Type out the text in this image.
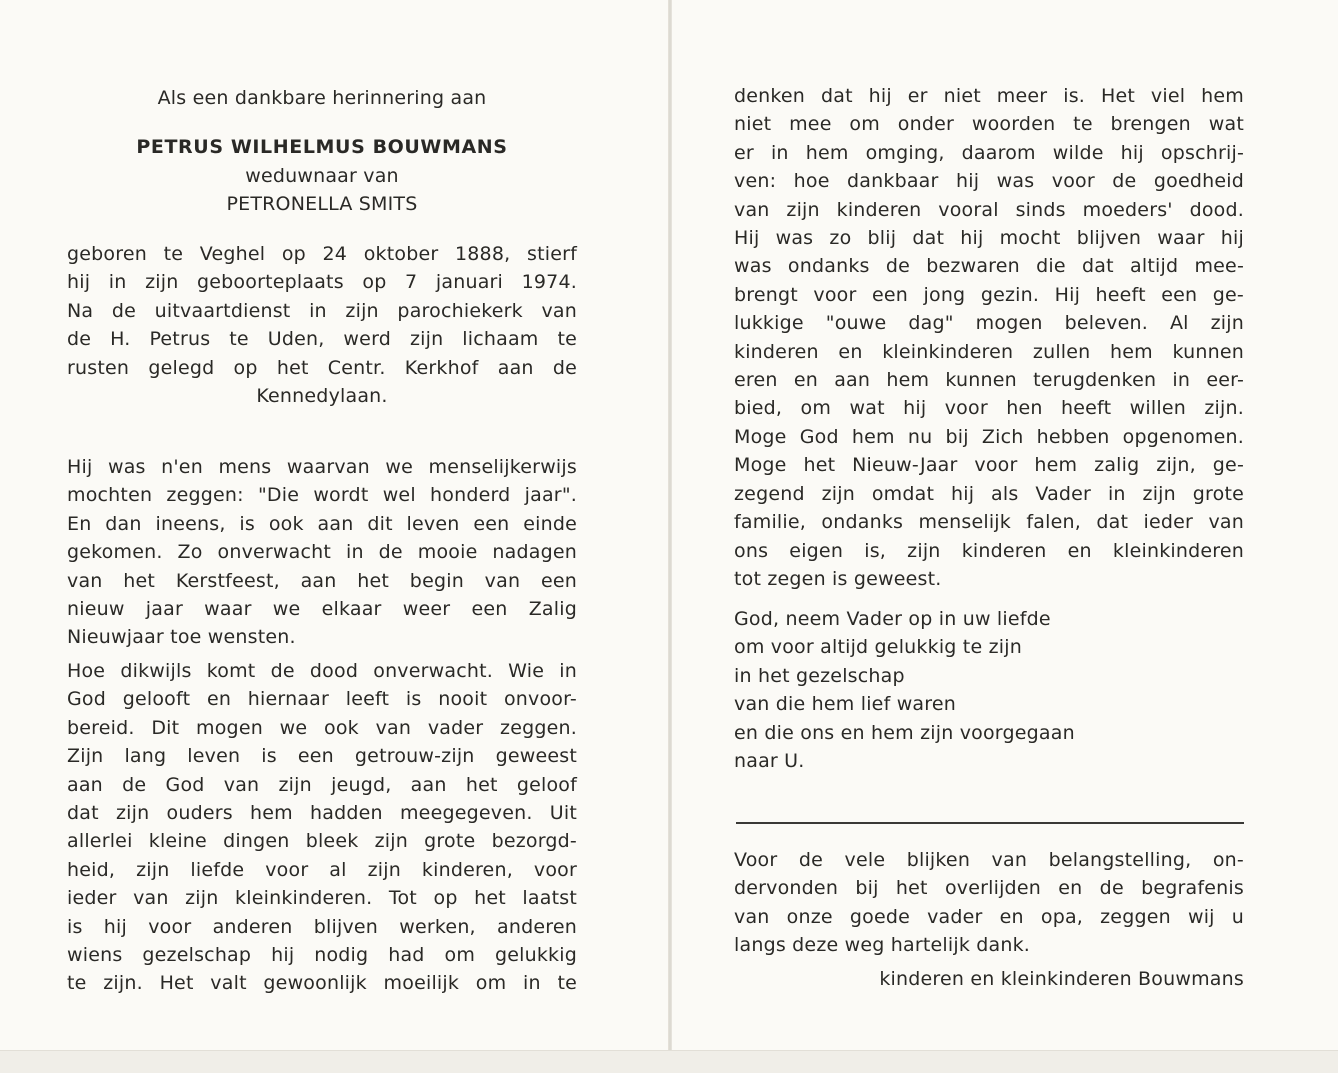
Als een dankbare herinnering aan
PETRUS WILHELMUS BOUWMANS
weduwnaar van
PETRONELLA SMITS
geboren te Veghel op 24 oktober 1888, stierf
hij in zijn geboorteplaats op 7 januari 1974.
Na de uitvaartdienst in zijn parochiekerk van
de H. Petrus te Uden, werd zijn lichaam te
rusten gelegd op het Centr. Kerkhof aan de
Kennedylaan.
Hij was n'en mens waarvan we menselijkerwijs
mochten zeggen: "Die wordt wel honderd jaar".
En dan ineens, is ook aan dit leven een einde
gekomen. Zo onverwacht in de mooie nadagen
van het Kerstfeest, aan het begin van een
nieuw jaar waar we elkaar weer een Zalig
Nieuwjaar toe wensten.
Hoe dikwijls komt de dood onverwacht. Wie in
God gelooft en hiernaar leeft is nooit onvoor-
bereid. Dit mogen we ook van vader zeggen.
Zijn lang leven is een getrouw-zijn geweest
aan de God van zijn jeugd, aan het geloof
dat zijn ouders hem hadden meegegeven. Uit
allerlei kleine dingen bleek zijn grote bezorgd-
heid, zijn liefde voor al zijn kinderen, voor
ieder van zijn kleinkinderen. Tot op het laatst
is hij voor anderen blijven werken, anderen
wiens gezelschap hij nodig had om gelukkig
te zijn. Het valt gewoonlijk moeilijk om in te
denken dat hij er niet meer is. Het viel hem
niet mee om onder woorden te brengen wat
er in hem omging, daarom wilde hij opschrij-
ven: hoe dankbaar hij was voor de goedheid
van zijn kinderen vooral sinds moeders' dood.
Hij was zo blij dat hij mocht blijven waar hij
was ondanks de bezwaren die dat altijd mee-
brengt voor een jong gezin. Hij heeft een ge-
lukkige "ouwe dag" mogen beleven. Al zijn
kinderen en kleinkinderen zullen hem kunnen
eren en aan hem kunnen terugdenken in eer-
bied, om wat hij voor hen heeft willen zijn.
Moge God hem nu bij Zich hebben opgenomen.
Moge het Nieuw-Jaar voor hem zalig zijn, ge-
zegend zijn omdat hij als Vader in zijn grote
familie, ondanks menselijk falen, dat ieder van
ons eigen is, zijn kinderen en kleinkinderen
tot zegen is geweest.
God, neem Vader op in uw liefde
om voor altijd gelukkig te zijn
in het gezelschap
van die hem lief waren
en die ons en hem zijn voorgegaan
naar U.
Voor de vele blijken van belangstelling, on-
dervonden bij het overlijden en de begrafenis
van onze goede vader en opa, zeggen wij u
langs deze weg hartelijk dank.
kinderen en kleinkinderen Bouwmans
